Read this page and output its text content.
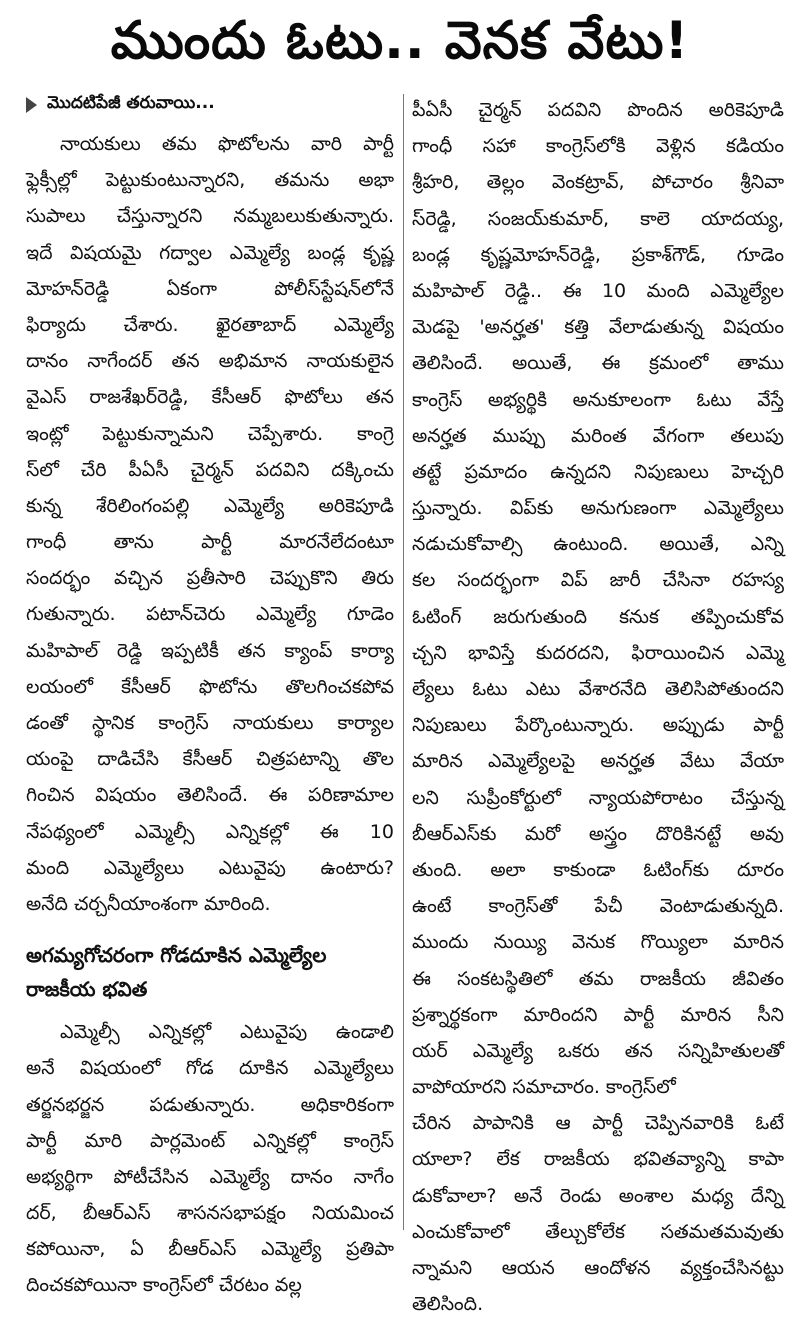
ముందు ఓటు.. వెనక వేటు!
మొదటిపేజీ తరువాయి...
నాయకులు తమ ఫొటోలను వారి పార్టీ
ఫ్లెక్సీల్లో పెట్టుకుంటున్నారని, తమను అభా
సుపాలు చేస్తున్నారని నమ్మబలుకుతున్నారు.
ఇదే విషయమై గద్వాల ఎమ్మెల్యే బండ్ల కృష్ణ
మోహన్‌రెడ్డి ఏకంగా పోలీస్‌స్టేషన్‌లోనే
ఫిర్యాదు చేశారు. ఖైరతాబాద్ ఎమ్మెల్యే
దానం నాగేందర్ తన అభిమాన నాయకులైన
వైఎస్ రాజశేఖర్‌రెడ్డి, కేసీఆర్ ఫొటోలు తన
ఇంట్లో పెట్టుకున్నామని చెప్పేశారు. కాంగ్రె
స్‌లో చేరి పీఏసీ చైర్మన్ పదవిని దక్కించు
కున్న శేరిలింగంపల్లి ఎమ్మెల్యే అరికెపూడి
గాంధీ తాను పార్టీ మారనేలేదంటూ
సందర్భం వచ్చిన ప్రతీసారి చెప్పుకొని తిరు
గుతున్నారు. పటాన్‌చెరు ఎమ్మెల్యే గూడెం
మహిపాల్ రెడ్డి ఇప్పటికీ తన క్యాంప్ కార్యా
లయంలో కేసీఆర్ ఫొటోను తొలగించకపోవ
డంతో స్థానిక కాంగ్రెస్ నాయకులు కార్యాల
యంపై దాడిచేసి కేసీఆర్ చిత్రపటాన్ని తొల
గించిన విషయం తెలిసిందే. ఈ పరిణామాల
నేపథ్యంలో ఎమ్మెల్సీ ఎన్నికల్లో ఈ 10
మంది ఎమ్మెల్యేలు ఎటువైపు ఉంటారు?
అనేది చర్చనీయాంశంగా మారింది.
అగమ్యగోచరంగా గోడదూకిన ఎమ్మెల్యేల
రాజకీయ భవిత
ఎమ్మెల్సీ ఎన్నికల్లో ఎటువైపు ఉండాలి
అనే విషయంలో గోడ దూకిన ఎమ్మెల్యేలు
తర్జనభర్జన పడుతున్నారు. అధికారికంగా
పార్టీ మారి పార్లమెంట్ ఎన్నికల్లో కాంగ్రెస్
అభ్యర్థిగా పోటీచేసిన ఎమ్మెల్యే దానం నాగేం
దర్, బీఆర్ఎస్ శాసనసభాపక్షం నియమించ
కపోయినా, ఏ బీఆర్ఎస్ ఎమ్మెల్యే ప్రతిపా
దించకపోయినా కాంగ్రెస్‌లో చేరటం వల్ల
పీఏసీ చైర్మన్ పదవిని పొందిన అరికెపూడి
గాంధీ సహా కాంగ్రెస్‌లోకి వెళ్లిన కడియం
శ్రీహరి, తెల్లం వెంకట్రావ్, పోచారం శ్రీనివా
స్‌రెడ్డి, సంజయ్‌కుమార్, కాలె యాదయ్య,
బండ్ల కృష్ణమోహన్‌రెడ్డి, ప్రకాశ్‌గౌడ్, గూడెం
మహిపాల్ రెడ్డి.. ఈ 10 మంది ఎమ్మెల్యేల
మెడపై 'అనర్హత' కత్తి వేలాడుతున్న విషయం
తెలిసిందే. అయితే, ఈ క్రమంలో తాము
కాంగ్రెస్ అభ్యర్థికి అనుకూలంగా ఓటు వేస్తే
అనర్హత ముప్పు మరింత వేగంగా తలుపు
తట్టే ప్రమాదం ఉన్నదని నిపుణులు హెచ్చరి
స్తున్నారు. విప్‌కు అనుగుణంగా ఎమ్మెల్యేలు
నడుచుకోవాల్సి ఉంటుంది. అయితే, ఎన్ని
కల సందర్భంగా విప్ జారీ చేసినా రహస్య
ఓటింగ్ జరుగుతుంది కనుక తప్పించుకోవ
చ్చని భావిస్తే కుదరదని, ఫిరాయించిన ఎమ్మె
ల్యేలు ఓటు ఎటు వేశారనేది తెలిసిపోతుందని
నిపుణులు పేర్కొంటున్నారు. అప్పుడు పార్టీ
మారిన ఎమ్మెల్యేలపై అనర్హత వేటు వేయా
లని సుప్రీంకోర్టులో న్యాయపోరాటం చేస్తున్న
బీఆర్ఎస్‌కు మరో అస్త్రం దొరికినట్టే అవు
తుంది. అలా కాకుండా ఓటింగ్‌కు దూరం
ఉంటే కాంగ్రెస్‌తో పేచీ వెంటాడుతున్నది.
ముందు నుయ్యి వెనుక గొయ్యిలా మారిన
ఈ సంకటస్థితిలో తమ రాజకీయ జీవితం
ప్రశ్నార్థకంగా మారిందని పార్టీ మారిన సీని
యర్ ఎమ్మెల్యే ఒకరు తన సన్నిహితులతో
వాపోయారని సమాచారం. కాంగ్రెస్‌లో
చేరిన పాపానికి ఆ పార్టీ చెప్పినవారికి ఓటే
యాలా? లేక రాజకీయ భవితవ్యాన్ని కాపా
డుకోవాలా? అనే రెండు అంశాల మధ్య దేన్ని
ఎంచుకోవాలో తేల్చుకోలేక సతమతమవుతు
న్నామని ఆయన ఆందోళన వ్యక్తంచేసినట్టు
తెలిసింది.
